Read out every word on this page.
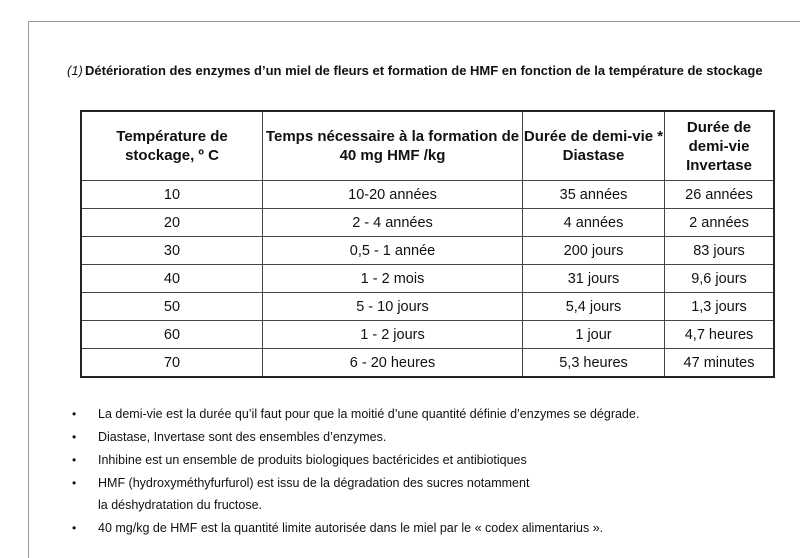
(1) Détérioration des enzymes d’un miel de fleurs et formation de HMF en fonction de la température de stockage
Température de stockage, º C	Temps nécessaire à la formation de 40 mg HMF /kg	Durée de demi-vie * Diastase	Durée de demi-vie Invertase
10	10-20 années	35 années	26 années
20	2 - 4 années	4 années	2 années
30	0,5 - 1 année	200 jours	83 jours
40	1 - 2 mois	31 jours	9,6 jours
50	5 - 10 jours	5,4 jours	1,3 jours
60	1 - 2 jours	1 jour	4,7 heures
70	6 - 20 heures	5,3 heures	47 minutes
• La demi-vie est la durée qu’il faut pour que la moitié d’une quantité définie d’enzymes se dégrade.
• Diastase, Invertase sont des ensembles d’enzymes.
• Inhibine est un ensemble de produits biologiques bactéricides et antibiotiques
• HMF (hydroxyméthyfurfurol) est issu de la dégradation des sucres notamment
la déshydratation du fructose.
• 40 mg/kg de HMF est la quantité limite autorisée dans le miel par le « codex alimentarius ».
